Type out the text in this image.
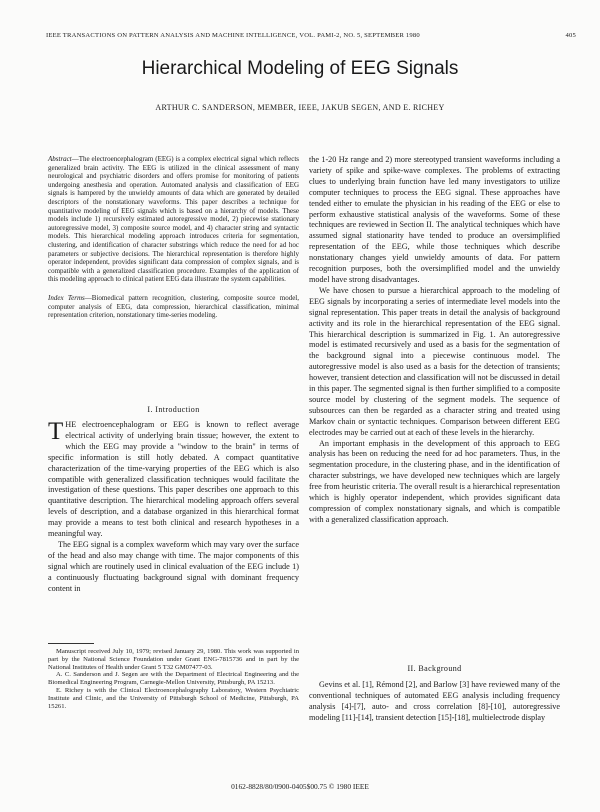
IEEE TRANSACTIONS ON PATTERN ANALYSIS AND MACHINE INTELLIGENCE, VOL. PAMI-2, NO. 5, SEPTEMBER 1980	405
Hierarchical Modeling of EEG Signals
ARTHUR C. SANDERSON, MEMBER, IEEE, JAKUB SEGEN, AND E. RICHEY
Abstract—The electroencephalogram (EEG) is a complex electrical signal which reflects generalized brain activity. The EEG is utilized in the clinical assessment of many neurological and psychiatric disorders and offers promise for monitoring of patients undergoing anesthesia and operation. Automated analysis and classification of EEG signals is hampered by the unwieldy amounts of data which are generated by detailed descriptors of the nonstationary waveforms. This paper describes a technique for quantitative modeling of EEG signals which is based on a hierarchy of models. These models include 1) recursively estimated autoregressive model, 2) piecewise stationary autoregressive model, 3) composite source model, and 4) character string and syntactic models. This hierarchical modeling approach introduces criteria for segmentation, clustering, and identification of character substrings which reduce the need for ad hoc parameters or subjective decisions. The hierarchical representation is therefore highly operator independent, provides significant data compression of complex signals, and is compatible with a generalized classification procedure. Examples of the application of this modeling approach to clinical patient EEG data illustrate the system capabilities.
Index Terms—Biomedical pattern recognition, clustering, composite source model, computer analysis of EEG, data compression, hierarchical classification, minimal representation criterion, nonstationary time-series modeling.
I. Introduction

THE electroencephalogram or EEG is known to reflect average electrical activity of underlying brain tissue; however, the extent to which the EEG may provide a "window to the brain" in terms of specific information is still hotly debated. A compact quantitative characterization of the time-varying properties of the EEG which is also compatible with generalized classification techniques would facilitate the investigation of these questions. This paper describes one approach to this quantitative description. The hierarchical modeling approach offers several levels of description, and a database organized in this hierarchical format may provide a means to test both clinical and research hypotheses in a meaningful way.

The EEG signal is a complex waveform which may vary over the surface of the head and also may change with time. The major components of this signal which are routinely used in clinical evaluation of the EEG include 1) a continuously fluctuating background signal with dominant frequency content in

Manuscript received July 10, 1979; revised January 29, 1980. This work was supported in part by the National Science Foundation under Grant ENG-7815736 and in part by the National Institutes of Health under Grant 5 T32 GM07477-03.

A. C. Sanderson and J. Segen are with the Department of Electrical Engineering and the Biomedical Engineering Program, Carnegie-Mellon University, Pittsburgh, PA 15213.

E. Richey is with the Clinical Electroencephalography Laboratory, Western Psychiatric Institute and Clinic, and the University of Pittsburgh School of Medicine, Pittsburgh, PA 15261.

the 1-20 Hz range and 2) more stereotyped transient waveforms including a variety of spike and spike-wave complexes. The problems of extracting clues to underlying brain function have led many investigators to utilize computer techniques to process the EEG signal. These approaches have tended either to emulate the physician in his reading of the EEG or else to perform exhaustive statistical analysis of the waveforms. Some of these techniques are reviewed in Section II. The analytical techniques which have assumed signal stationarity have tended to produce an oversimplified representation of the EEG, while those techniques which describe nonstationary changes yield unwieldy amounts of data. For pattern recognition purposes, both the oversimplified model and the unwieldy model have strong disadvantages.

We have chosen to pursue a hierarchical approach to the modeling of EEG signals by incorporating a series of intermediate level models into the signal representation. This paper treats in detail the analysis of background activity and its role in the hierarchical representation of the EEG signal. This hierarchical description is summarized in Fig. 1. An autoregressive model is estimated recursively and used as a basis for the segmentation of the background signal into a piecewise continuous model. The autoregressive model is also used as a basis for the detection of transients; however, transient detection and classification will not be discussed in detail in this paper. The segmented signal is then further simplified to a composite source model by clustering of the segment models. The sequence of subsources can then be regarded as a character string and treated using Markov chain or syntactic techniques. Comparison between different EEG electrodes may be carried out at each of these levels in the hierarchy.

An important emphasis in the development of this approach to EEG analysis has been on reducing the need for ad hoc parameters. Thus, in the segmentation procedure, in the clustering phase, and in the identification of character substrings, we have developed new techniques which are largely free from heuristic criteria. The overall result is a hierarchical representation which is highly operator independent, which provides significant data compression of complex nonstationary signals, and which is compatible with a generalized classification approach.

II. Background

Gevins et al. [1], Rémond [2], and Barlow [3] have reviewed many of the conventional techniques of automated EEG analysis including frequency analysis [4]-[7], auto- and cross correlation [8]-[10], autoregressive modeling [11]-[14], transient detection [15]-[18], multielectrode display

0162-8828/80/0900-0405$00.75 © 1980 IEEE
